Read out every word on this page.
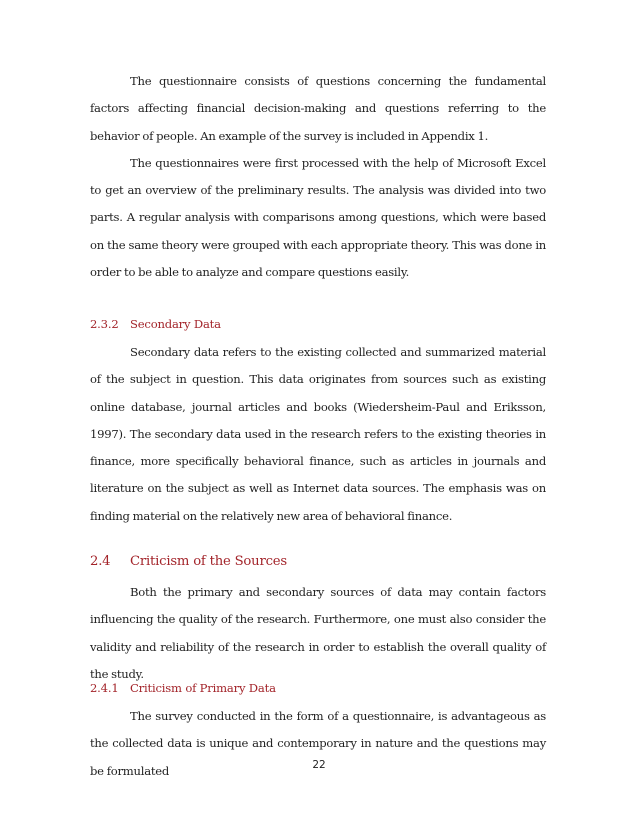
The questionnaire consists of questions concerning the fundamental factors affecting financial decision-making and questions referring to the behavior of people. An example of the survey is included in Appendix 1.

The questionnaires were first processed with the help of Microsoft Excel to get an overview of the preliminary results. The analysis was divided into two parts. A regular analysis with comparisons among questions, which were based on the same theory were grouped with each appropriate theory. This was done in order to be able to analyze and compare questions easily.

2.3.2 Secondary Data

Secondary data refers to the existing collected and summarized material of the subject in question. This data originates from sources such as existing online database, journal articles and books (Wiedersheim-Paul and Eriksson, 1997). The secondary data used in the research refers to the existing theories in finance, more specifically behavioral finance, such as articles in journals and literature on the subject as well as Internet data sources. The emphasis was on finding material on the relatively new area of behavioral finance.

2.4 Criticism of the Sources

Both the primary and secondary sources of data may contain factors influencing the quality of the research. Furthermore, one must also consider the validity and reliability of the research in order to establish the overall quality of the study.

2.4.1 Criticism of Primary Data

The survey conducted in the form of a questionnaire, is advantageous as the collected data is unique and contemporary in nature and the questions may be formulated	22
